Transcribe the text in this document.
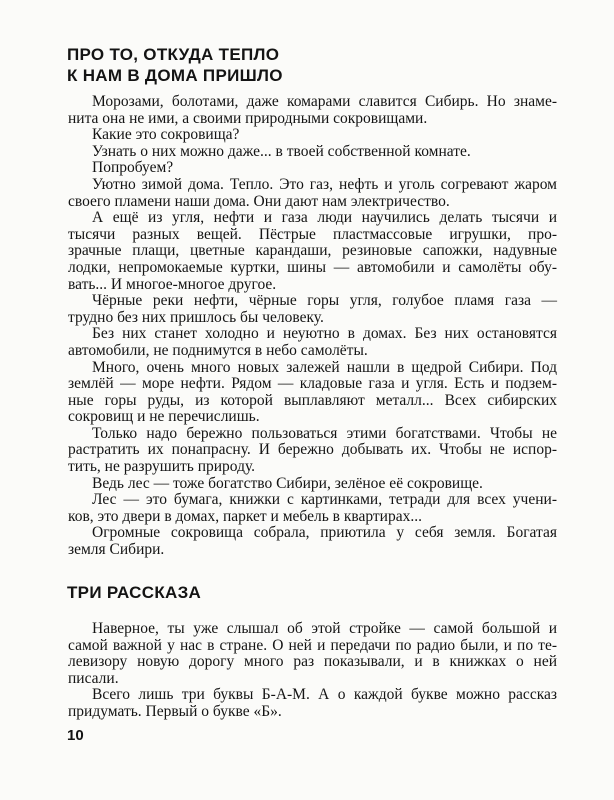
ПРО ТО, ОТКУДА ТЕПЛО
К НАМ В ДОМА ПРИШЛО

Морозами, болотами, даже комарами славится Сибирь. Но знаме-
нита она не ими, а своими природными сокровищами.

Какие это сокровища?

Узнать о них можно даже... в твоей собственной комнате.

Попробуем?

Уютно зимой дома. Тепло. Это газ, нефть и уголь согревают жаром
своего пламени наши дома. Они дают нам электричество.

А ещё из угля, нефти и газа люди научились делать тысячи и
тысячи разных вещей. Пёстрые пластмассовые игрушки, про-
зрачные плащи, цветные карандаши, резиновые сапожки, надувные
лодки, непромокаемые куртки, шины — автомобили и самолёты обу-
вать... И многое-многое другое.

Чёрные реки нефти, чёрные горы угля, голубое пламя газа —
трудно без них пришлось бы человеку.

Без них станет холодно и неуютно в домах. Без них остановятся
автомобили, не поднимутся в небо самолёты.

Много, очень много новых залежей нашли в щедрой Сибири. Под
землёй — море нефти. Рядом — кладовые газа и угля. Есть и подзем-
ные горы руды, из которой выплавляют металл... Всех сибирских
сокровищ и не перечислишь.

Только надо бережно пользоваться этими богатствами. Чтобы не
растратить их понапрасну. И бережно добывать их. Чтобы не испор-
тить, не разрушить природу.

Ведь лес — тоже богатство Сибири, зелёное её сокровище.

Лес — это бумага, книжки с картинками, тетради для всех учени-
ков, это двери в домах, паркет и мебель в квартирах...

Огромные сокровища собрала, приютила у себя земля. Богатая
земля Сибири.

ТРИ РАССКАЗА

Наверное, ты уже слышал об этой стройке — самой большой и
самой важной у нас в стране. О ней и передачи по радио были, и по те-
левизору новую дорогу много раз показывали, и в книжках о ней
писали.

Всего лишь три буквы Б-А-М. А о каждой букве можно рассказ
придумать. Первый о букве «Б».

10
